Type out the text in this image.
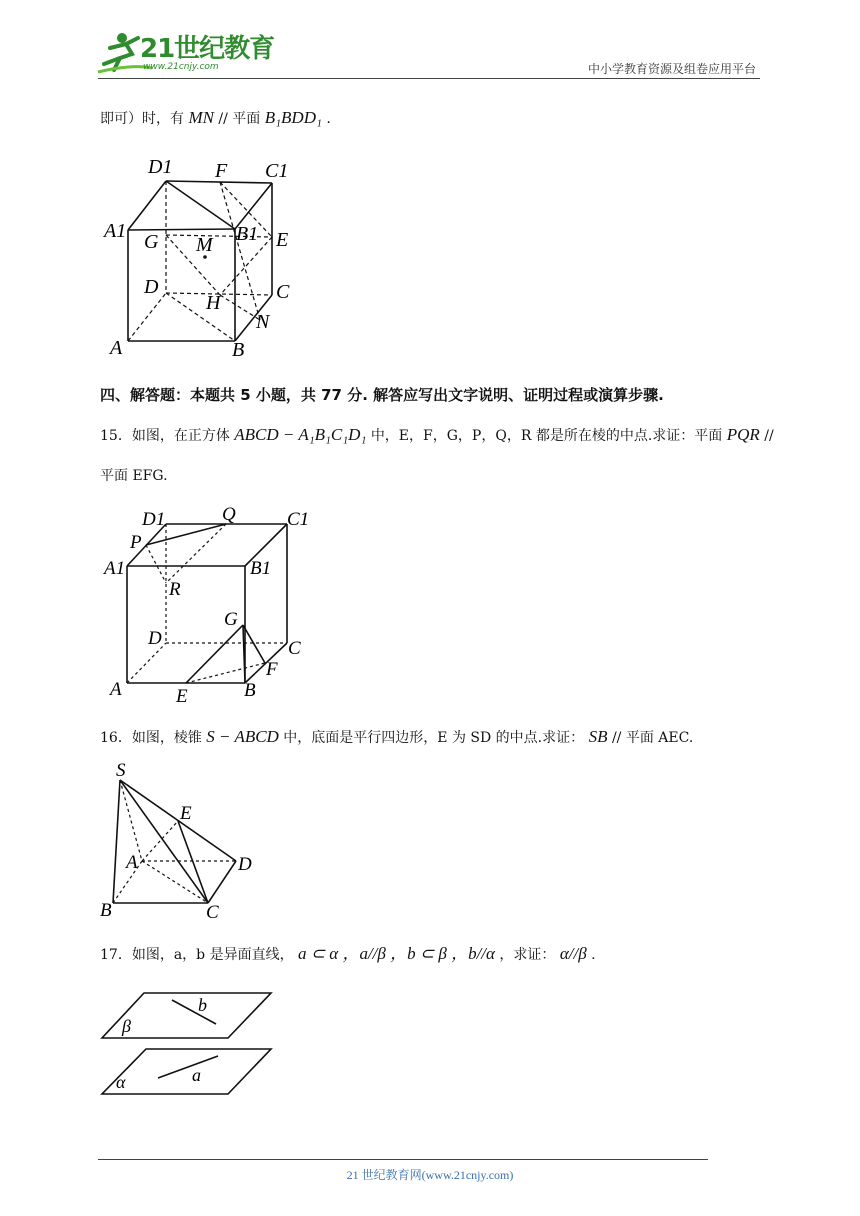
21世纪教育
www.21cnjy.com	中小学教育资源及组卷应用平台
即可）时，有 MN // 平面 B₁BDD₁ .
D1 F C1
A1 G M B1 E
D
H	C
N
A	B
四、解答题：本题共 5 小题，共 77 分. 解答应写出文字说明、证明过程或演算步骤.
15．如图，在正方体 ABCD − A₁B₁C₁D₁ 中，E，F，G，P，Q，R 都是所在棱的中点.求证：平面 PQR //
平面 EFG.
D1	Q	C1
P
A1	B1
R
G
D	C
F
A	E	B
16．如图，棱锥 S − ABCD 中，底面是平行四边形，E 为 SD 的中点.求证： SB // 平面 AEC.
S
E
A	D
B	C
17．如图，a，b 是异面直线， a ⊂ α ，a//β ，b ⊂ β ，b//α ，求证： α//β .
b
β
a
α
21 世纪教育网(www.21cnjy.com)
